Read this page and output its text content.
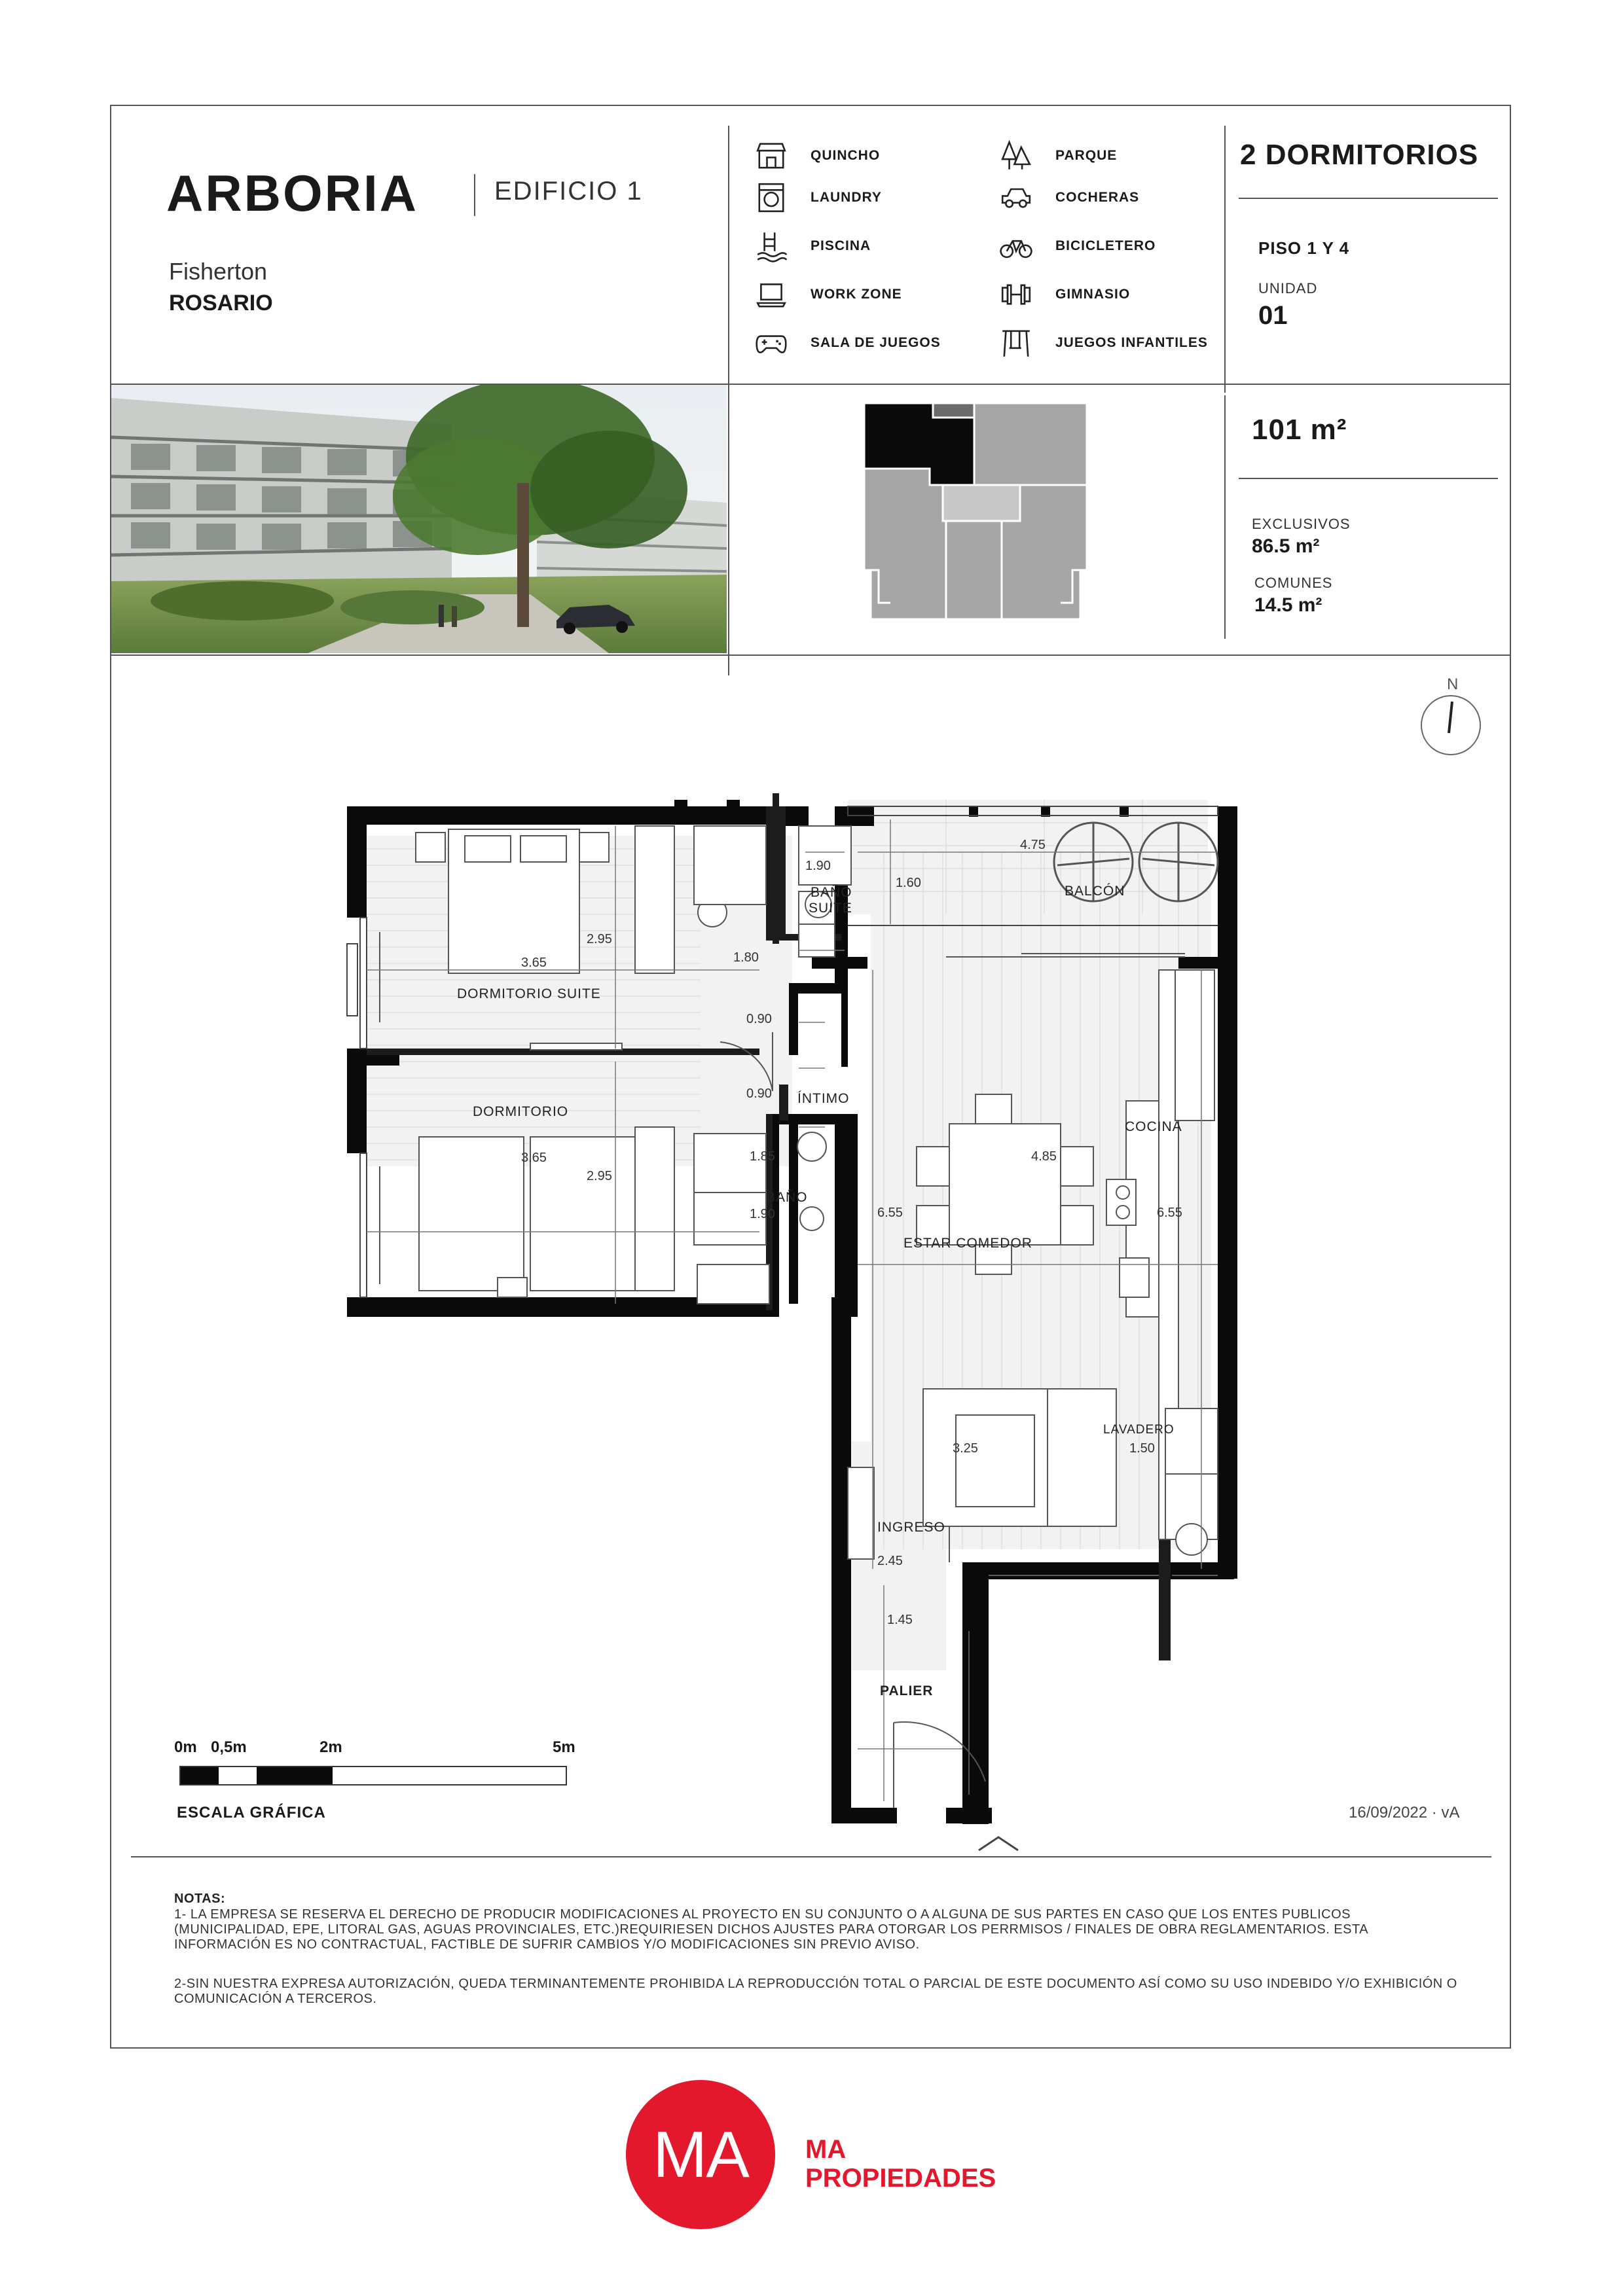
ARBORIA	EDIFICIO 1
Fisherton
ROSARIO
QUINCHO	PARQUE
LAUNDRY	COCHERAS
PISCINA	BICICLETERO
WORK ZONE	GIMNASIO
SALA DE JUEGOS	JUEGOS INFANTILES
2 DORMITORIOS
PISO 1 Y 4
UNIDAD
01
101 m²
EXCLUSIVOS
86.5 m²
COMUNES
14.5 m²
N
BALCÓN
BAÑO
SUITE
DORMITORIO SUITE
DORMITORIO
ÍNTIMO
BAÑO
COCINA
ESTAR COMEDOR
LAVADERO
INGRESO
PALIER
4.75
1.60
1.90
1.80
3.65
2.95
0.90
0.90
3.65
2.95
1.85
1.90	6.55
4.85
6.55
3.25	1.50
2.45
1.45
0m 0,5m	2m	5m
ESCALA GRÁFICA	16/09/2022 · vA
NOTAS:
1- LA EMPRESA SE RESERVA EL DERECHO DE PRODUCIR MODIFICACIONES AL PROYECTO EN SU CONJUNTO O A ALGUNA DE SUS PARTES EN CASO QUE LOS ENTES PUBLICOS (MUNICIPALIDAD, EPE, LITORAL GAS, AGUAS PROVINCIALES, ETC.)REQUIRIESEN DICHOS AJUSTES PARA OTORGAR LOS PERRMISOS / FINALES DE OBRA REGLAMENTARIOS. ESTA INFORMACIÓN ES NO CONTRACTUAL, FACTIBLE DE SUFRIR CAMBIOS Y/O MODIFICACIONES SIN PREVIO AVISO.
2-SIN NUESTRA EXPRESA AUTORIZACIÓN, QUEDA TERMINANTEMENTE PROHIBIDA LA REPRODUCCIÓN TOTAL O PARCIAL DE ESTE DOCUMENTO ASÍ COMO SU USO INDEBIDO Y/O EXHIBICIÓN O COMUNICACIÓN A TERCEROS.
MA MA
PROPIEDADES
